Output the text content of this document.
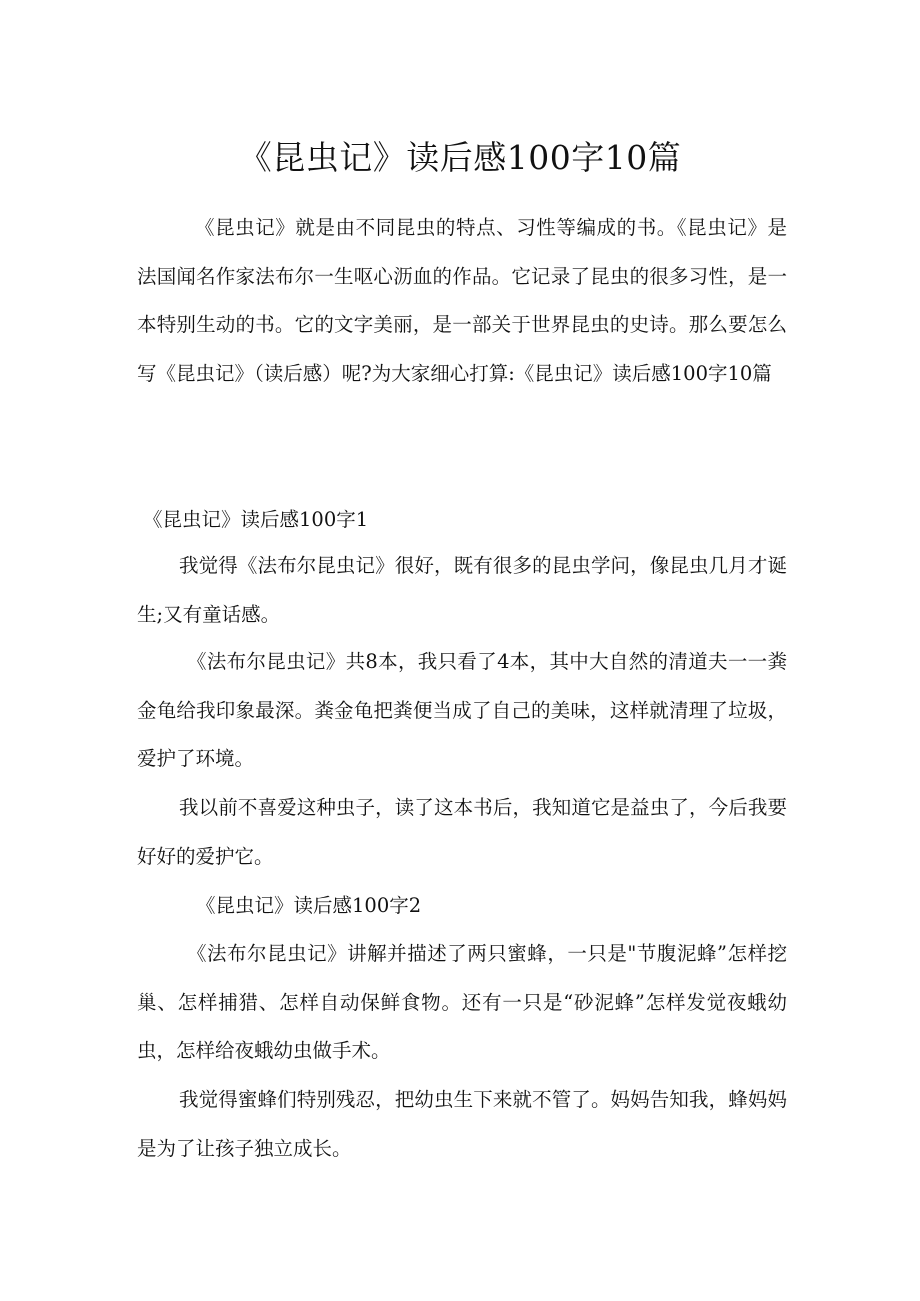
《昆虫记》读后感100字10篇

《昆虫记》就是由不同昆虫的特点、习性等编成的书。《昆虫记》是法国闻名作家法布尔一生呕心沥血的作品。它记录了昆虫的很多习性，是一本特别生动的书。它的文字美丽，是一部关于世界昆虫的史诗。那么要怎么写《昆虫记》（读后感）呢?为大家细心打算:《昆虫记》读后感100字10篇

《昆虫记》读后感100字1

我觉得《法布尔昆虫记》很好，既有很多的昆虫学问，像昆虫几月才诞生;又有童话感。

《法布尔昆虫记》共8本，我只看了4本，其中大自然的清道夫一一粪金龟给我印象最深。粪金龟把粪便当成了自己的美味，这样就清理了垃圾，爱护了环境。

我以前不喜爱这种虫子，读了这本书后，我知道它是益虫了，今后我要好好的爱护它。

《昆虫记》读后感100字2

《法布尔昆虫记》讲解并描述了两只蜜蜂，一只是"节腹泥蜂”怎样挖巢、怎样捕猎、怎样自动保鲜食物。还有一只是“砂泥蜂”怎样发觉夜蛾幼虫，怎样给夜蛾幼虫做手术。

我觉得蜜蜂们特别残忍，把幼虫生下来就不管了。妈妈告知我，蜂妈妈是为了让孩子独立成长。
